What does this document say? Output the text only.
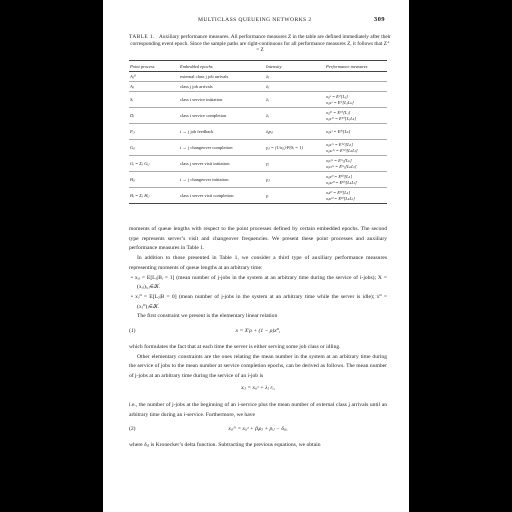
MULTICLASS QUEUEING NETWORKS 2	309
TABLE 1. Auxiliary performance measures. All performance measures Z in the table are defined immediately after their corresponding event epoch. Since the sample paths are right-continuous for all performance measures Z, it follows that Z⁺ = Z
Point process	Embedded epochs	Intensity	Performance measures
Aⱼ⁰	external class j job arrivals	λⱼ	
Aⱼ	class j job arrivals	λⱼ	
Sᵢ	class i service initiation	λᵢ	xᵢⱼˢ = Eˢⁱ[Lⱼ]
xᵢⱼₖˢ = Eˢⁱ[LⱼLₖ]

Dᵢ	class i service completion	λᵢ	xᵢⱼᴰ = Eᴰⁱ[Lⱼ]
xᵢⱼₖᴰ = Eᴰⁱ[LⱼLₖ]

Fᵢⱼ	i → j job feedback	λᵢpᵢⱼ	xᵢⱼₖᶠ = Eᶠⁱʲ[Lₖ]

Gᵢⱼ	i → j changeover completion	γᵢⱼ = (1/σᵢⱼ)·P(Sᵢ = 1)	xᵢⱼₖᴳ = Eᴳⁱʲ[Lₖ]
xᵢⱼₖₗᴳ = Eᴳⁱʲ[LₖLₗ]

Gᵢ = Σⱼ Gᵢⱼ	class j server visit initiation	γⱼ	xⱼₖᴳ = Eᴳⱼ[Lₖ]
xⱼₖₗᴳ = Eᴳⱼ[LₖLₗ]

Hᵢⱼ	i → j changeover initiation	γᵢⱼ	xᵢⱼₖᴴ = Eᴴⁱʲ[Lₖ]
xᵢⱼₖₗᴴ = Eᴴⁱʲ[LₖLₗ]

Hᵢ = Σⱼ Hᵢⱼ	class i server visit completion	γᵢ	xᵢₖᴴ = Eᴴⁱ[Lₖ]
xᵢₖₗᴴ = Eᴴⁱ[LₖLₗ]

moments of queue lengths with respect to the point processes defined by certain embedded epochs. The second type represents server’s visit and changeover frequencies. We present these point processes and auxiliary performance measures in Table 1.

In addition to those presented in Table 1, we consider a third type of auxiliary performance measures representing moments of queue lengths at an arbitrary time:

• xᵢⱼ = E[Lⱼ|Bᵢ = 1] (mean number of j-jobs in the system at an arbitrary time during the service of i-jobs); X = (xᵢⱼ)ᵢ,ⱼ∈𝒦.

• xⱼ⁰ = E[Lⱼ|B = 0] (mean number of j-jobs in the system at an arbitrary time while the server is idle); x⁰ = (xⱼ⁰)ⱼ∈𝒦.

The first constraint we present is the elementary linear relation

(1)	x = X′ρ + (1 − ρ)x⁰,

which formulates the fact that at each time the server is either serving some job class or idling.

Other elementary constraints are the ones relating the mean number in the system at an arbitrary time during the service of jobs to the mean number at service completion epochs, can be derived as follows. The mean number of j-jobs at an arbitrary time during the service of an i-job is

xᵢⱼ = xᵢⱼˢ + λⱼ rᵢ,

i.e., the number of j-jobs at the beginning of an i-service plus the mean number of external class j arrivals until an arbitrary time during an i-service. Furthermore, we have

(2)	xᵢⱼᴰ = xᵢⱼˢ + βᵢρⱼ + pᵢⱼ − δᵢⱼ,

where δᵢⱼ is Kronecker’s delta function. Subtracting the previous equations, we obtain
